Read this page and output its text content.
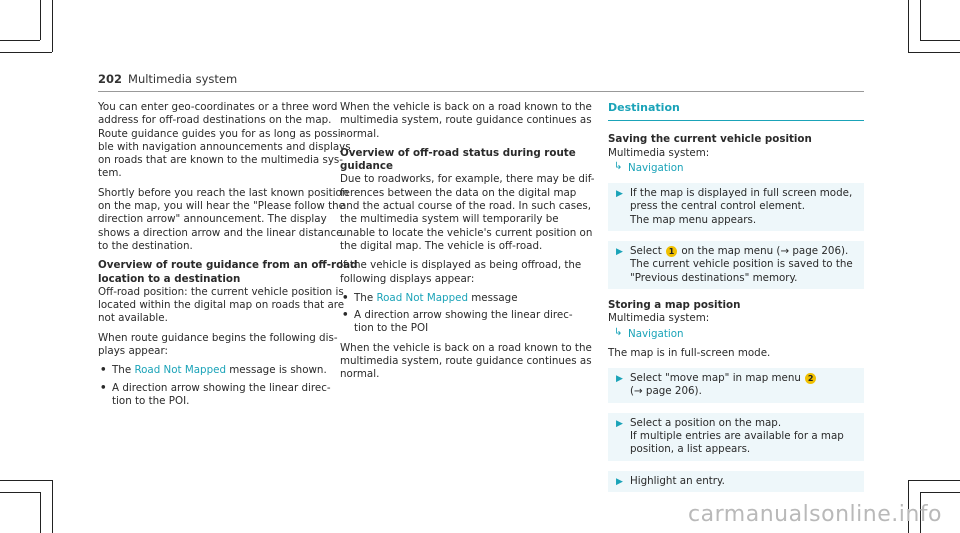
202 Multimedia system
You can enter geo-coordinates or a three word
address for off-road destinations on the map.
Route guidance guides you for as long as possi-
ble with navigation announcements and displays
on roads that are known to the multimedia sys-
tem.
Shortly before you reach the last known position
on the map, you will hear the "Please follow the
direction arrow" announcement. The display
shows a direction arrow and the linear distance
to the destination.
Overview of route guidance from an off-road
location to a destination
Off-road position: the current vehicle position is
located within the digital map on roads that are
not available.
When route guidance begins the following dis-
plays appear:
• The Road Not Mapped message is shown.
• A direction arrow showing the linear direc-
tion to the POI.
When the vehicle is back on a road known to the
multimedia system, route guidance continues as
normal.
Overview of off-road status during route
guidance
Due to roadworks, for example, there may be dif-
ferences between the data on the digital map
and the actual course of the road. In such cases,
the multimedia system will temporarily be
unable to locate the vehicle's current position on
the digital map. The vehicle is off-road.
If the vehicle is displayed as being offroad, the
following displays appear:
• The Road Not Mapped message
• A direction arrow showing the linear direc-
tion to the POI
When the vehicle is back on a road known to the
multimedia system, route guidance continues as
normal.
Destination
Saving the current vehicle position
Multimedia system:
↳ Navigation
▶ If the map is displayed in full screen mode,
press the central control element.
The map menu appears.
▶ Select 1 on the map menu (→ page 206).
The current vehicle position is saved to the
"Previous destinations" memory.
Storing a map position
Multimedia system:
↳ Navigation
The map is in full-screen mode.
▶ Select "move map" in map menu 2
(→ page 206).
▶ Select a position on the map.
If multiple entries are available for a map
position, a list appears.
▶ Highlight an entry.
carmanualsonline.info
